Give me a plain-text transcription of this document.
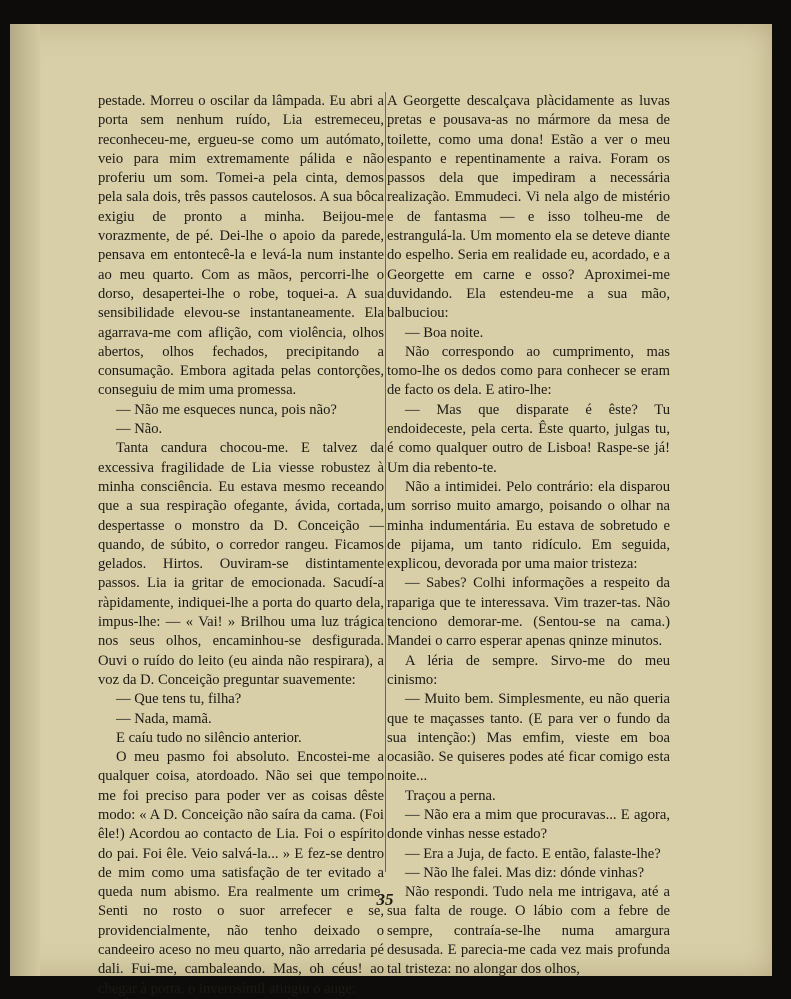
pestade. Morreu o oscilar da lâmpada. Eu abri a porta sem nenhum ruído, Lia estremeceu, reconheceu-me, ergueu-se como um autómato, veio para mim extremamente pálida e não proferiu um som. Tomei-a pela cinta, demos pela sala dois, três passos cautelosos. A sua bôca exigiu de pronto a minha. Beijou-me vorazmente, de pé. Dei-lhe o apoio da parede, pensava em entontecê-la e levá-la num instante ao meu quarto. Com as mãos, percorri-lhe o dorso, desapertei-lhe o robe, toquei-a. A sua sensibilidade elevou-se instantaneamente. Ela agarrava-me com aflição, com violência, olhos abertos, olhos fechados, precipitando a consumação. Embora agitada pelas contorções, conseguiu de mim uma promessa.

— Não me esqueces nunca, pois não?

— Não.

Tanta candura chocou-me. E talvez da excessiva fragilidade de Lia viesse robustez à minha consciência. Eu estava mesmo receando que a sua respiração ofegante, ávida, cortada, despertasse o monstro da D. Conceição — quando, de súbito, o corredor rangeu. Ficamos gelados. Hirtos. Ouviram-se distintamente passos. Lia ia gritar de emocionada. Sacudí-a ràpidamente, indiquei-lhe a porta do quarto dela, impus-lhe: — « Vai! » Brilhou uma luz trágica nos seus olhos, encaminhou-se desfigurada. Ouvi o ruído do leito (eu ainda não respirara), a voz da D. Conceição preguntar suavemente:

— Que tens tu, filha?

— Nada, mamã.

E caíu tudo no silêncio anterior.

O meu pasmo foi absoluto. Encostei-me a qualquer coisa, atordoado. Não sei que tempo me foi preciso para poder ver as coisas dêste modo: « A D. Conceição não saíra da cama. (Foi êle!) Acordou ao contacto de Lia. Foi o espírito do pai. Foi êle. Veio salvá-la... » E fez-se dentro de mim como uma satisfação de ter evitado a queda num abismo. Era realmente um crime. Senti no rosto o suor arrefecer e se, providencialmente, não tenho deixado o candeeiro aceso no meu quarto, não arredaria pé dali. Fui-me, cambaleando. Mas, oh céus! ao chegar à porta, o inverosímil atingiu o auge:

A Georgette descalçava plàcidamente as luvas pretas e pousava-as no mármore da mesa de toilette, como uma dona! Estão a ver o meu espanto e repentinamente a raiva. Foram os passos dela que impediram a necessária realização. Emmudeci. Vi nela algo de mistério e de fantasma — e isso tolheu-me de estrangulá-la. Um momento ela se deteve diante do espelho. Seria em realidade eu, acordado, e a Georgette em carne e osso? Aproximei-me duvidando. Ela estendeu-me a sua mão, balbuciou:

— Boa noite.

Não correspondo ao cumprimento, mas tomo-lhe os dedos como para conhecer se eram de facto os dela. E atiro-lhe:

— Mas que disparate é êste? Tu endoideceste, pela certa. Êste quarto, julgas tu, é como qualquer outro de Lisboa! Raspe-se já! Um dia rebento-te.

Não a intimidei. Pelo contrário: ela disparou um sorriso muito amargo, poisando o olhar na minha indumentária. Eu estava de sobretudo e de pijama, um tanto ridículo. Em seguida, explicou, devorada por uma maior tristeza:

— Sabes? Colhi informações a respeito da rapariga que te interessava. Vim trazer-tas. Não tenciono demorar-me. (Sentou-se na cama.) Mandei o carro esperar apenas qninze minutos.

A léria de sempre. Sirvo-me do meu cinismo:

— Muito bem. Simplesmente, eu não queria que te maçasses tanto. (E para ver o fundo da sua intenção:) Mas emfim, vieste em boa ocasião. Se quiseres podes até ficar comigo esta noite...

Traçou a perna.

— Não era a mim que procuravas... E agora, donde vinhas nesse estado?

— Era a Juja, de facto. E então, falaste-lhe?

— Não lhe falei. Mas diz: dónde vinhas?

Não respondi. Tudo nela me intrigava, até a sua falta de rouge. O lábio com a febre de sempre, contraía-se-lhe numa amargura desusada. E parecia-me cada vez mais profunda tal tristeza: no alongar dos olhos,

35
